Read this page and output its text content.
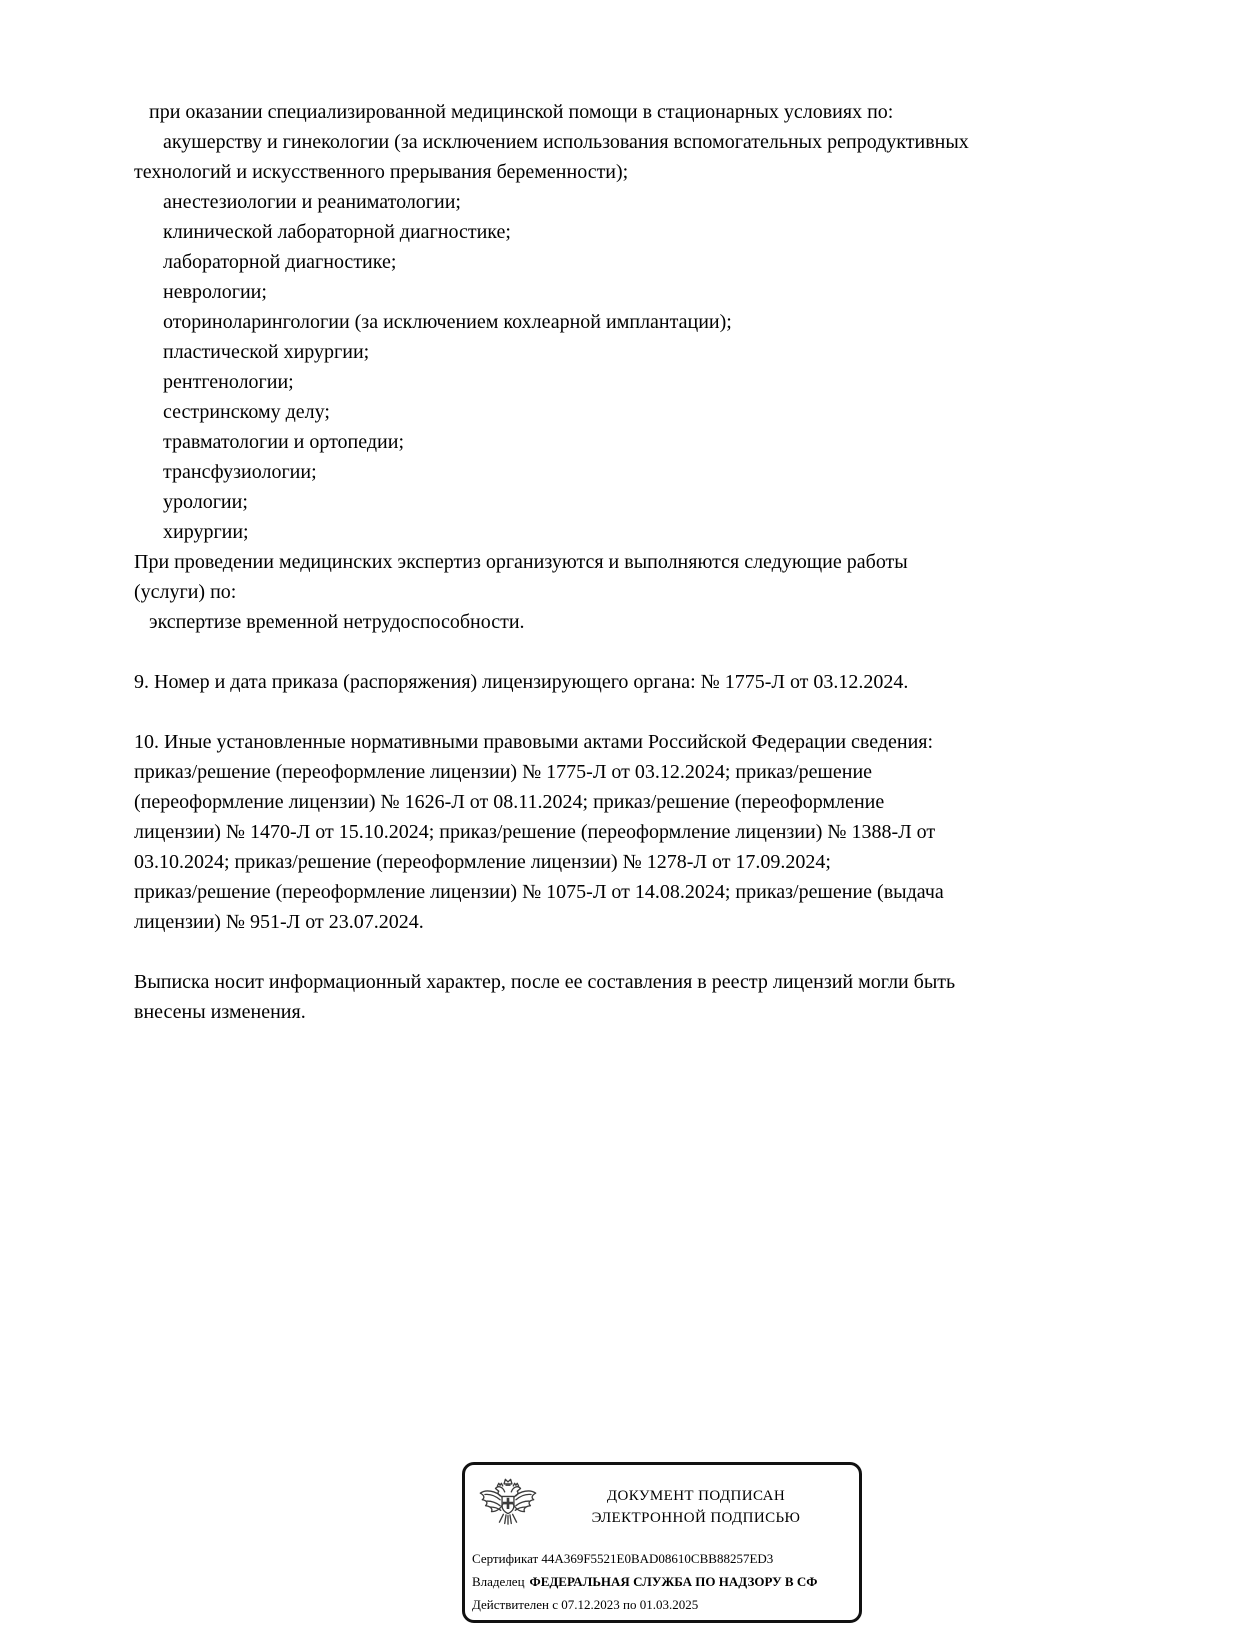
при оказании специализированной медицинской помощи в стационарных условиях по:
акушерству и гинекологии (за исключением использования вспомогательных репродуктивных
технологий и искусственного прерывания беременности);
анестезиологии и реаниматологии;
клинической лабораторной диагностике;
лабораторной диагностике;
неврологии;
оториноларингологии (за исключением кохлеарной имплантации);
пластической хирургии;
рентгенологии;
сестринскому делу;
травматологии и ортопедии;
трансфузиологии;
урологии;
хирургии;
При проведении медицинских экспертиз организуются и выполняются следующие работы
(услуги) по:
экспертизе временной нетрудоспособности.
9. Номер и дата приказа (распоряжения) лицензирующего органа: № 1775-Л от 03.12.2024.
10. Иные установленные нормативными правовыми актами Российской Федерации сведения:
приказ/решение (переоформление лицензии) № 1775-Л от 03.12.2024; приказ/решение
(переоформление лицензии) № 1626-Л от 08.11.2024; приказ/решение (переоформление
лицензии) № 1470-Л от 15.10.2024; приказ/решение (переоформление лицензии) № 1388-Л от
03.10.2024; приказ/решение (переоформление лицензии) № 1278-Л от 17.09.2024;
приказ/решение (переоформление лицензии) № 1075-Л от 14.08.2024; приказ/решение (выдача
лицензии) № 951-Л от 23.07.2024.
Выписка носит информационный характер, после ее составления в реестр лицензий могли быть
внесены изменения.
ДОКУМЕНТ ПОДПИСАН
ЭЛЕКТРОННОЙ ПОДПИСЬЮ
Сертификат 44A369F5521E0BAD08610CBB88257ED3
Владелец ФЕДЕРАЛЬНАЯ СЛУЖБА ПО НАДЗОРУ В СФ
Действителен с 07.12.2023 по 01.03.2025
